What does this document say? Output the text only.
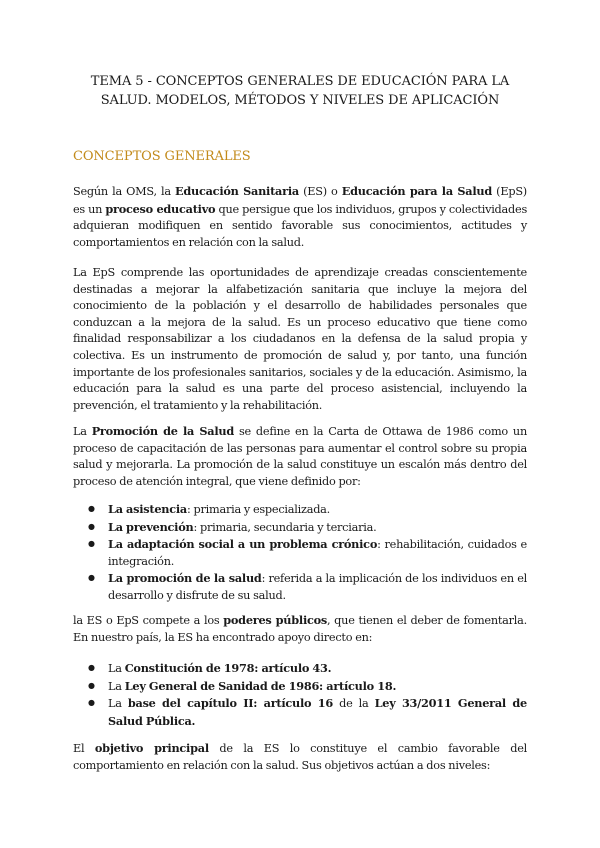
TEMA 5 - CONCEPTOS GENERALES DE EDUCACIÓN PARA LA
SALUD. MODELOS, MÉTODOS Y NIVELES DE APLICACIÓN
CONCEPTOS GENERALES

Según la OMS, la Educación Sanitaria (ES) o Educación para la Salud (EpS) es un proceso educativo que persigue que los individuos, grupos y colectividades adquieran modifiquen en sentido favorable sus conocimientos, actitudes y comportamientos en relación con la salud.

La EpS comprende las oportunidades de aprendizaje creadas conscientemente destinadas a mejorar la alfabetización sanitaria que incluye la mejora del conocimiento de la población y el desarrollo de habilidades personales que conduzcan a la mejora de la salud. Es un proceso educativo que tiene como finalidad responsabilizar a los ciudadanos en la defensa de la salud propia y colectiva. Es un instrumento de promoción de salud y, por tanto, una función importante de los profesionales sanitarios, sociales y de la educación. Asimismo, la educación para la salud es una parte del proceso asistencial, incluyendo la prevención, el tratamiento y la rehabilitación.

La Promoción de la Salud se define en la Carta de Ottawa de 1986 como un proceso de capacitación de las personas para aumentar el control sobre su propia salud y mejorarla. La promoción de la salud constituye un escalón más dentro del proceso de atención integral, que viene definido por:

● La asistencia: primaria y especializada.
● La prevención: primaria, secundaria y terciaria.
● La adaptación social a un problema crónico: rehabilitación, cuidados e integración.
● La promoción de la salud: referida a la implicación de los individuos en el desarrollo y disfrute de su salud.

la ES o EpS compete a los poderes públicos, que tienen el deber de fomentarla. En nuestro país, la ES ha encontrado apoyo directo en:

● La Constitución de 1978: artículo 43.
● La Ley General de Sanidad de 1986: artículo 18.
● La base del capítulo II: artículo 16 de la Ley 33/2011 General de Salud Pública.

El objetivo principal de la ES lo constituye el cambio favorable del comportamiento en relación con la salud. Sus objetivos actúan a dos niveles:
